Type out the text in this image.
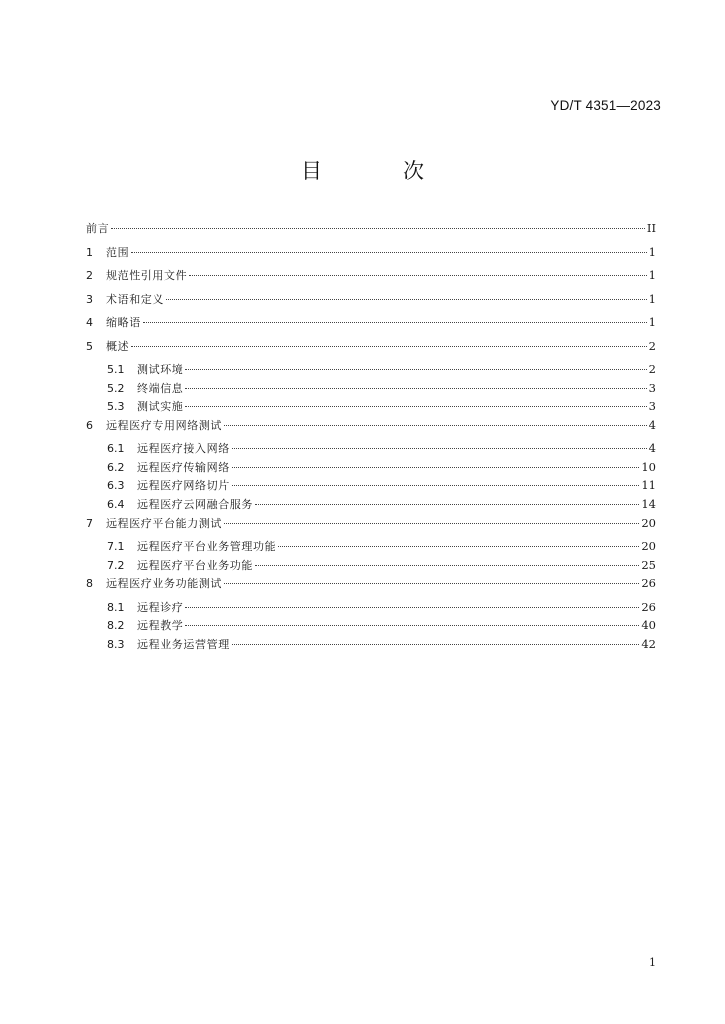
YD/T 4351—2023
目　次
前言	II
1	范围	1
2	规范性引用文件	1
3	术语和定义	1
4	缩略语	1
5	概述	2
5.1	测试环境	2
5.2	终端信息	3
5.3	测试实施	3
6	远程医疗专用网络测试	4
6.1	远程医疗接入网络	4
6.2	远程医疗传输网络	10
6.3	远程医疗网络切片	11
6.4	远程医疗云网融合服务	14
7	远程医疗平台能力测试	20
7.1	远程医疗平台业务管理功能	20
7.2	远程医疗平台业务功能	25
8	远程医疗业务功能测试	26
8.1	远程诊疗	26
8.2	远程教学	40
8.3	远程业务运营管理	42
1
